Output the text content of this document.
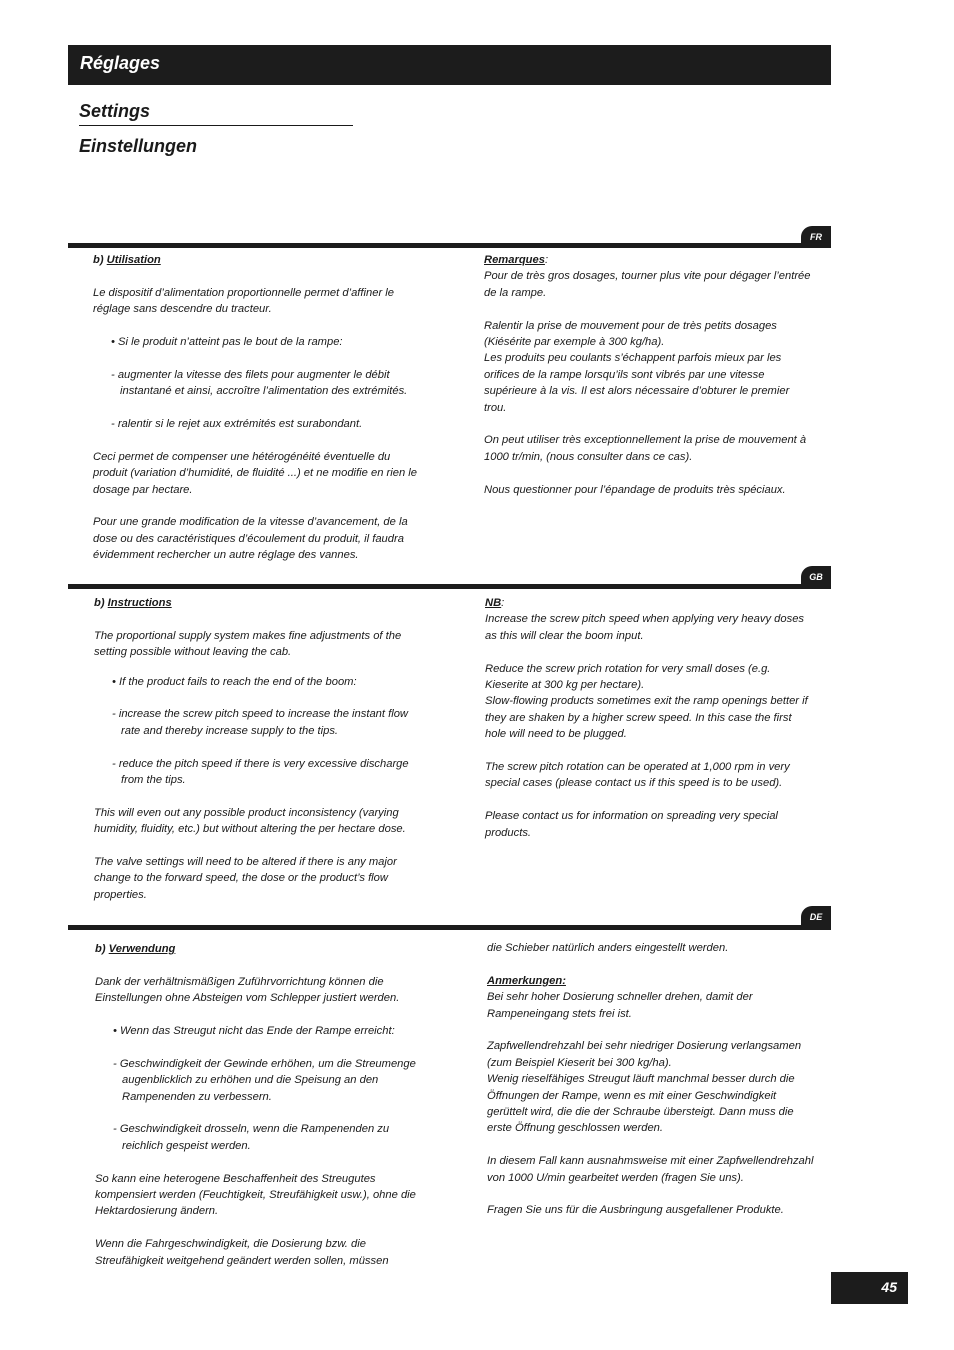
Réglages
Settings
Einstellungen
FR

b) Utilisation

Le dispositif d’alimentation proportionnelle permet d’affiner le réglage sans descendre du tracteur.

• Si le produit n’atteint pas le bout de la rampe:

- augmenter la vitesse des filets pour augmenter le débit instantané et ainsi, accroître l’alimentation des extrémités.

- ralentir si le rejet aux extrémités est surabondant.

Ceci permet de compenser une hétérogénéité éventuelle du produit (variation d’humidité, de fluidité ...) et ne modifie en rien le dosage par hectare.

Pour une grande modification de la vitesse d’avancement, de la dose ou des caractéristiques d’écoulement du produit, il faudra évidemment rechercher un autre réglage des vannes.

Remarques:

Pour de très gros dosages, tourner plus vite pour dégager l’entrée de la rampe.

Ralentir la prise de mouvement pour de très petits dosages (Kiésérite par exemple à 300 kg/ha).

Les produits peu coulants s’échappent parfois mieux par les orifices de la rampe lorsqu’ils sont vibrés par une vitesse supérieure à la vis. Il est alors nécessaire d’obturer le premier trou.

On peut utiliser très exceptionnellement la prise de mouvement à 1000 tr/min, (nous consulter dans ce cas).

Nous questionner pour l’épandage de produits très spéciaux.

GB

b) Instructions

The proportional supply system makes fine adjustments of the setting possible without leaving the cab.

• If the product fails to reach the end of the boom:

- increase the screw pitch speed to increase the instant flow rate and thereby increase supply to the tips.

- reduce the pitch speed if there is very excessive discharge from the tips.

This will even out any possible product inconsistency (varying humidity, fluidity, etc.) but without altering the per hectare dose.

The valve settings will need to be altered if there is any major change to the forward speed, the dose or the product’s flow properties.

NB:

Increase the screw pitch speed when applying very heavy doses as this will clear the boom input.

Reduce the screw prich rotation for very small doses (e.g. Kieserite at 300 kg per hectare).

Slow-flowing products sometimes exit the ramp openings better if they are shaken by a higher screw speed. In this case the first hole will need to be plugged.

The screw pitch rotation can be operated at 1,000 rpm in very special cases (please contact us if this speed is to be used).

Please contact us for information on spreading very special products.

DE

b) Verwendung

Dank der verhältnismäßigen Zuführvorrichtung können die Einstellungen ohne Absteigen vom Schlepper justiert werden.

• Wenn das Streugut nicht das Ende der Rampe erreicht:

- Geschwindigkeit der Gewinde erhöhen, um die Streumenge augenblicklich zu erhöhen und die Speisung an den Rampenenden zu verbessern.

- Geschwindigkeit drosseln, wenn die Rampenenden zu reichlich gespeist werden.

So kann eine heterogene Beschaffenheit des Streugutes kompensiert werden (Feuchtigkeit, Streufähigkeit usw.), ohne die Hektardosierung ändern.

Wenn die Fahrgeschwindigkeit, die Dosierung bzw. die Streufähigkeit weitgehend geändert werden sollen, müssen

die Schieber natürlich anders eingestellt werden.

Anmerkungen:

Bei sehr hoher Dosierung schneller drehen, damit der Rampeneingang stets frei ist.

Zapfwellendrehzahl bei sehr niedriger Dosierung verlangsamen (zum Beispiel Kieserit bei 300 kg/ha).

Wenig rieselfähiges Streugut läuft manchmal besser durch die Öffnungen der Rampe, wenn es mit einer Geschwindigkeit gerüttelt wird, die die der Schraube übersteigt. Dann muss die erste Öffnung geschlossen werden.

In diesem Fall kann ausnahmsweise mit einer Zapfwellendrehzahl von 1000 U/min gearbeitet werden (fragen Sie uns).

Fragen Sie uns für die Ausbringung ausgefallener Produkte.

45
